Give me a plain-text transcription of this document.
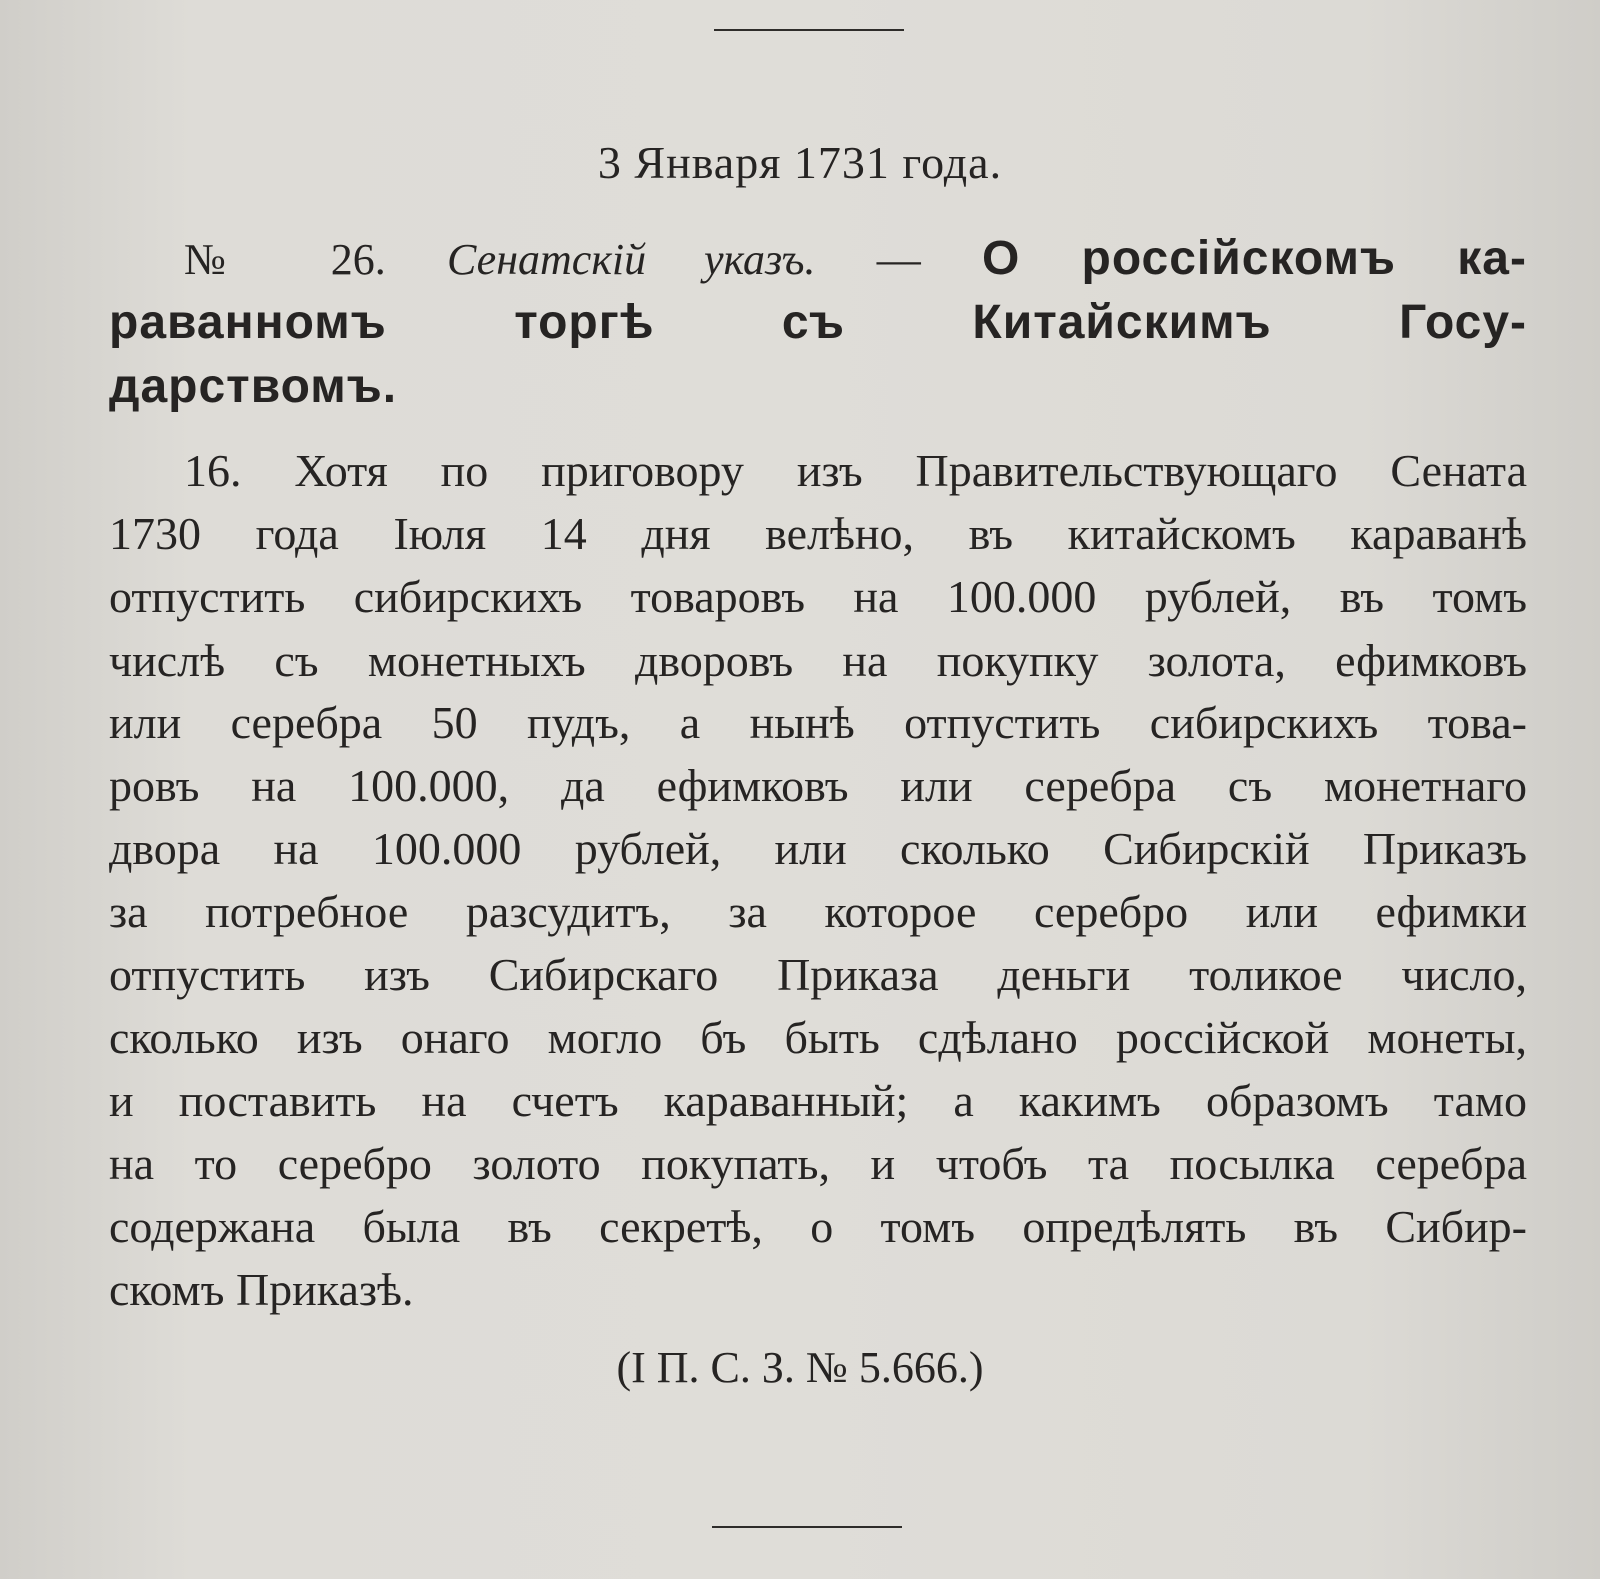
3 Января 1731 года.
№ 26. Сенатскiй указъ. — О россiйскомъ ка-
раванномъ торгѣ съ Китайскимъ Госу-
дарствомъ.
16. Хотя по приговору изъ Правительствующаго Сената
1730 года Iюля 14 дня велѣно, въ китайскомъ караванѣ
отпустить сибирскихъ товаровъ на 100.000 рублей, въ томъ
числѣ съ монетныхъ дворовъ на покупку золота, ефимковъ
или серебра 50 пудъ, а нынѣ отпустить сибирскихъ това-
ровъ на 100.000, да ефимковъ или серебра съ монетнаго
двора на 100.000 рублей, или сколько Сибирскiй Приказъ
за потребное разсудитъ, за которое серебро или ефимки
отпустить изъ Сибирскаго Приказа деньги толикое число,
сколько изъ онаго могло бъ быть сдѣлано россiйской монеты,
и поставить на счетъ караванный; а какимъ образомъ тамо
на то серебро золото покупать, и чтобъ та посылка серебра
содержана была въ секретѣ, о томъ опредѣлять въ Сибир-
скомъ Приказѣ.
(I П. С. З. № 5.666.)
